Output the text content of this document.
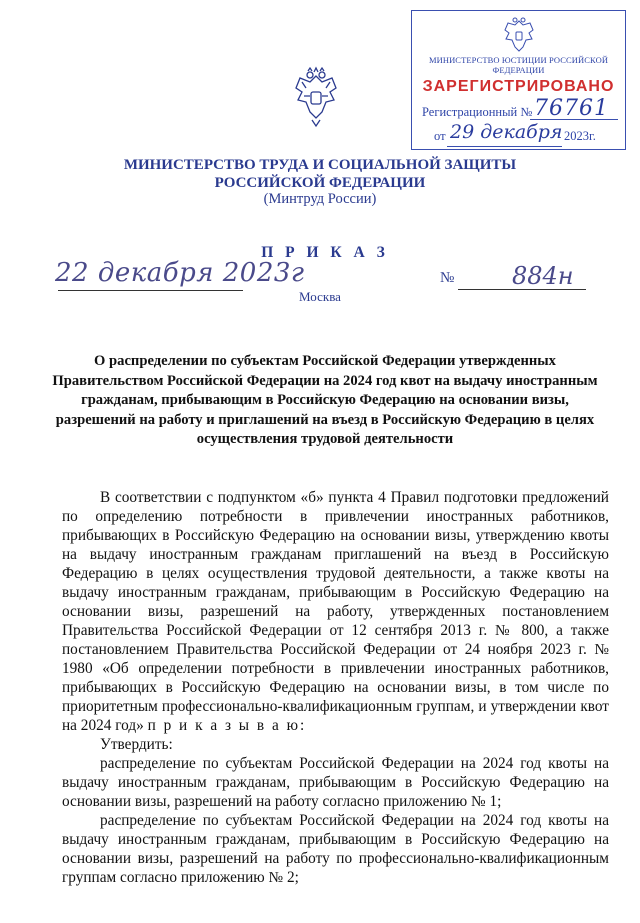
МИНИСТЕРСТВО ЮСТИЦИИ РОССИЙСКОЙ ФЕДЕРАЦИИ
ЗАРЕГИСТРИРОВАНО
Регистрационный № 76761
от 29 декабря 2023г.
МИНИСТЕРСТВО ТРУДА И СОЦИАЛЬНОЙ ЗАЩИТЫ
РОССИЙСКОЙ ФЕДЕРАЦИИ
(Минтруд России)
П Р И К А З
22 декабря 2023г	№ 884н
Москва
О распределении по субъектам Российской Федерации утвержденных Правительством Российской Федерации на 2024 год квот на выдачу иностранным гражданам, прибывающим в Российскую Федерацию на основании визы, разрешений на работу и приглашений на въезд в Российскую Федерацию в целях осуществления трудовой деятельности

В соответствии с подпунктом «б» пункта 4 Правил подготовки предложений по определению потребности в привлечении иностранных работников, прибывающих в Российскую Федерацию на основании визы, утверждению квоты на выдачу иностранным гражданам приглашений на въезд в Российскую Федерацию в целях осуществления трудовой деятельности, а также квоты на выдачу иностранным гражданам, прибывающим в Российскую Федерацию на основании визы, разрешений на работу, утвержденных постановлением Правительства Российской Федерации от 12 сентября 2013 г. № 800, а также постановлением Правительства Российской Федерации от 24 ноября 2023 г. № 1980 «Об определении потребности в привлечении иностранных работников, прибывающих в Российскую Федерацию на основании визы, в том числе по приоритетным профессионально-квалификационным группам, и утверждении квот на 2024 год» п р и к а з ы в а ю:

Утвердить:

распределение по субъектам Российской Федерации на 2024 год квоты на выдачу иностранным гражданам, прибывающим в Российскую Федерацию на основании визы, разрешений на работу согласно приложению № 1;

распределение по субъектам Российской Федерации на 2024 год квоты на выдачу иностранным гражданам, прибывающим в Российскую Федерацию на основании визы, разрешений на работу по профессионально-квалификационным группам согласно приложению № 2;
